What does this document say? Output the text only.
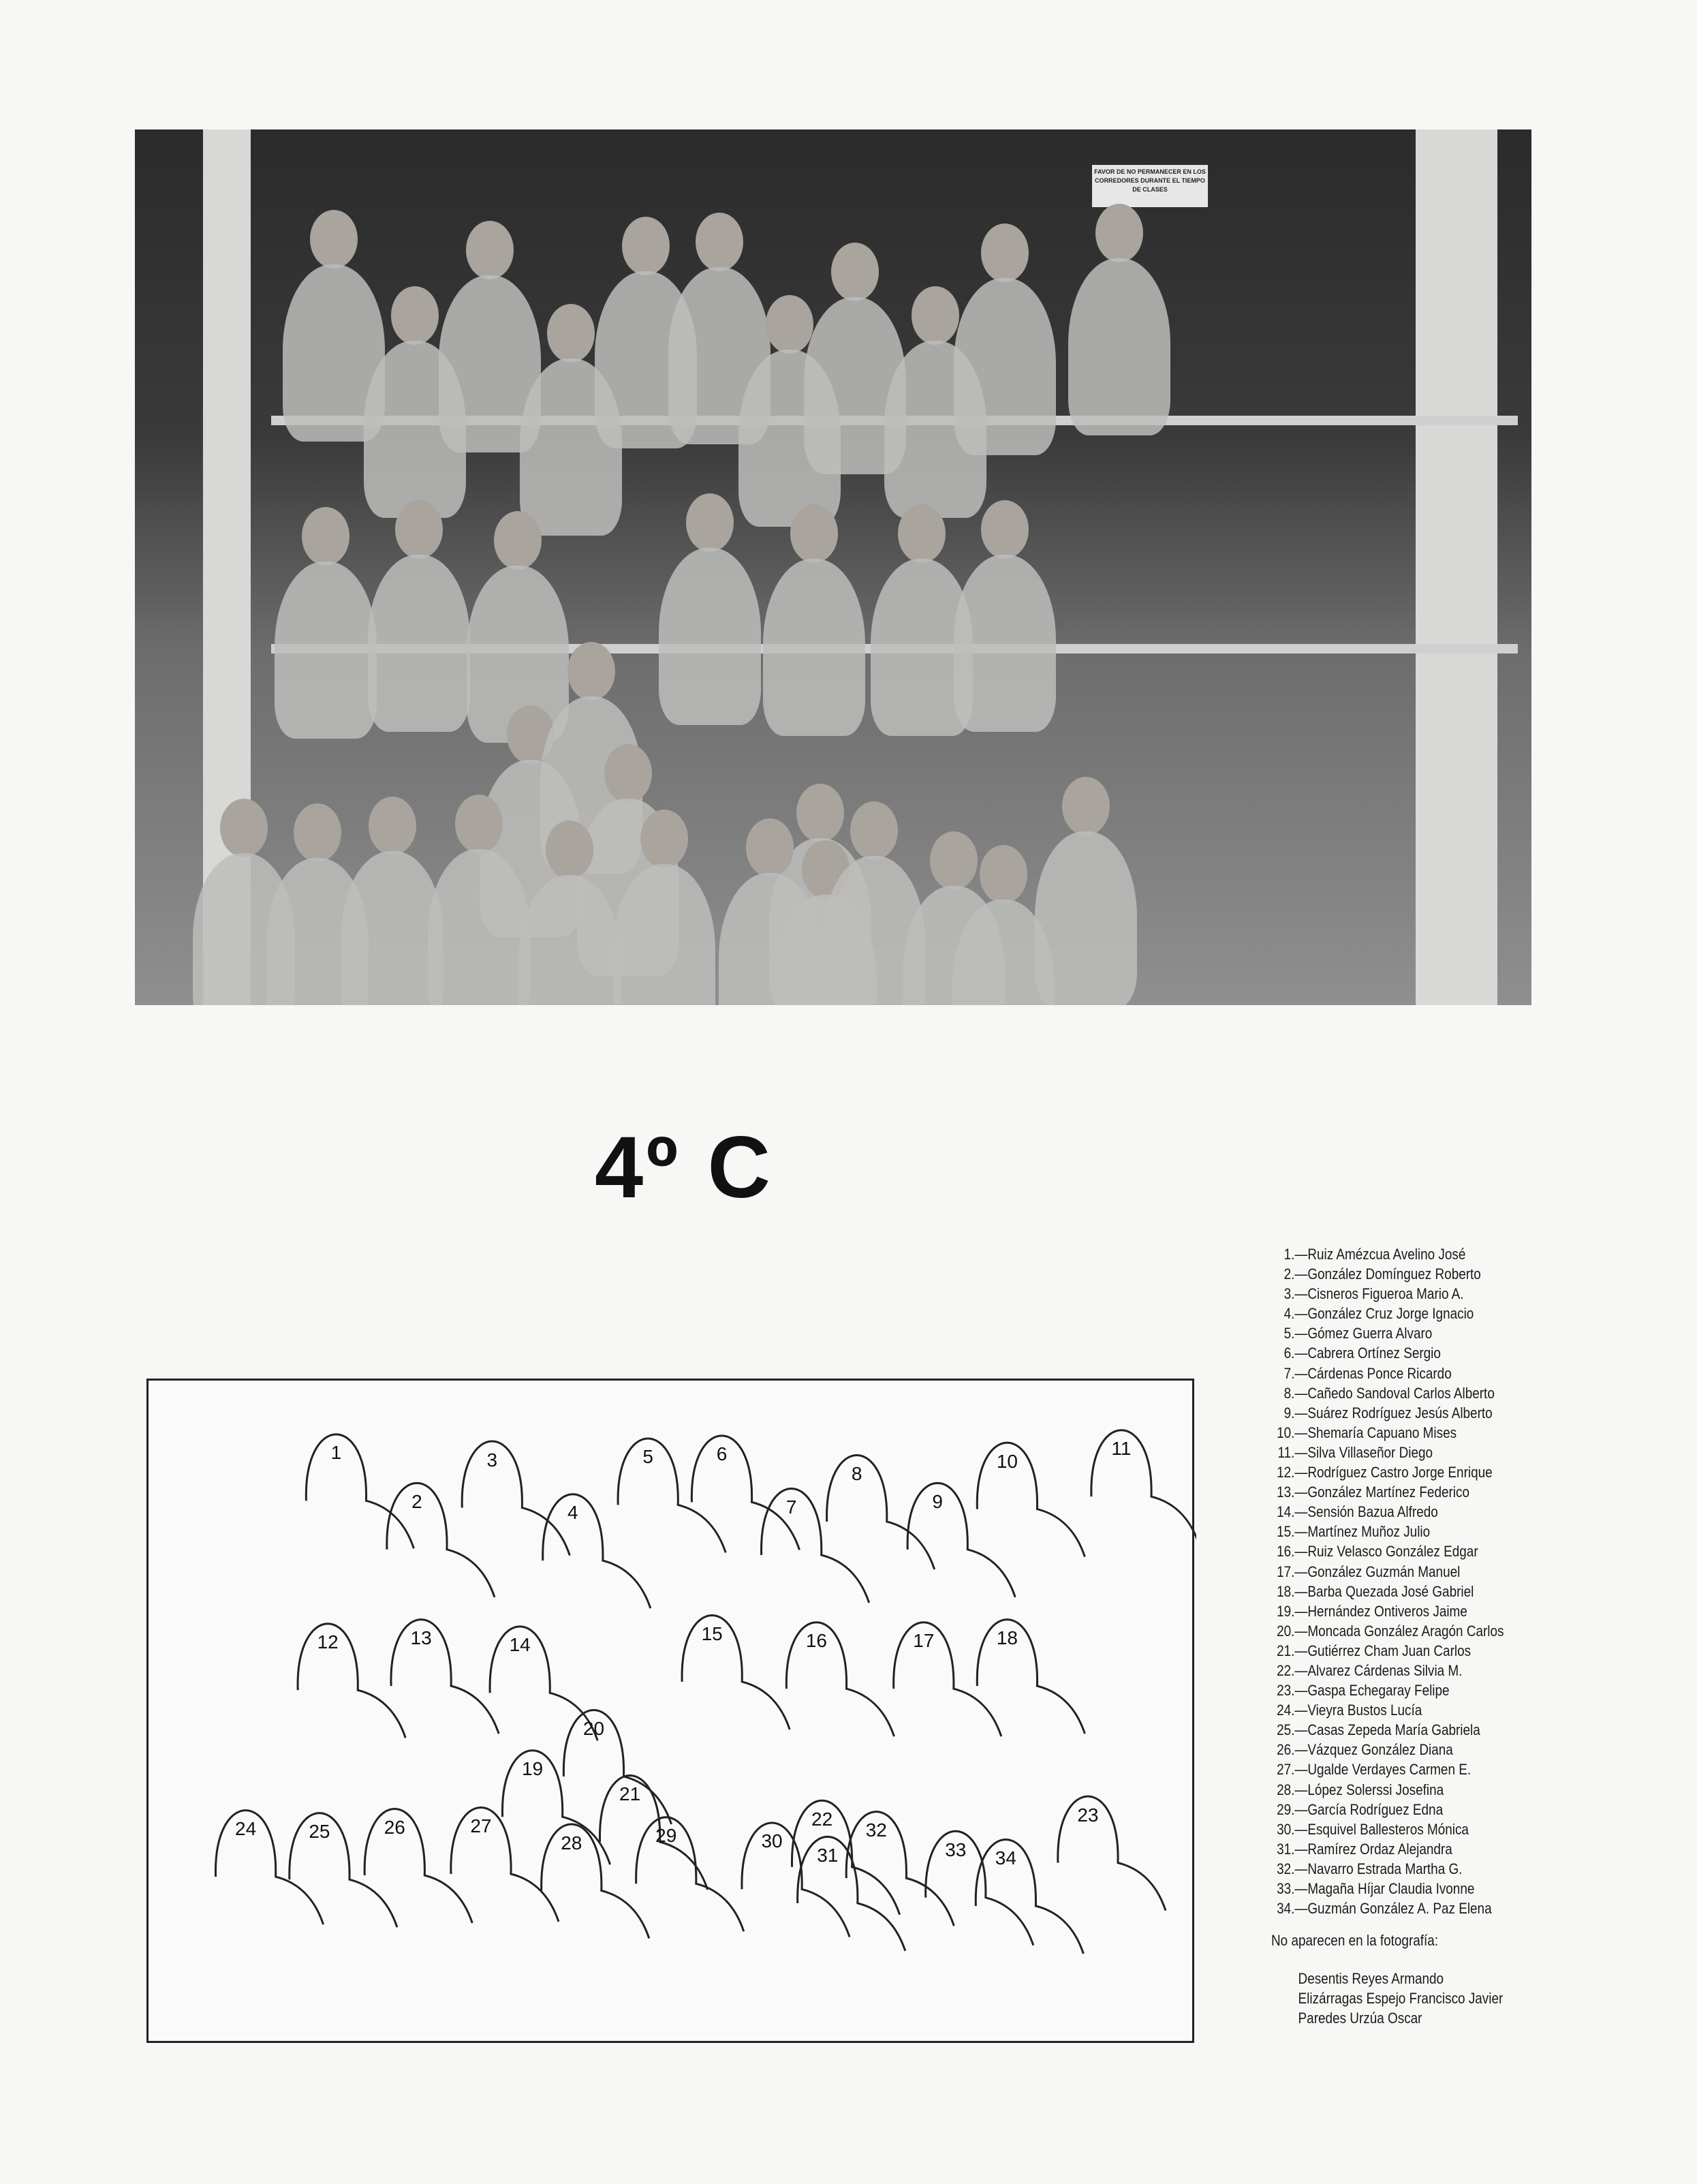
FAVOR DE NO PERMANECER EN LOS CORREDORES DURANTE EL TIEMPO DE CLASES
4º C
1
2
3
4
5	6
7
8
9
10
11
12	13	14
15	16	17	18
19
20
21
22	23
24	25	26	27
28	29	30
31
32
33 34
1.—Ruiz Amézcua Avelino José
2.—González Domínguez Roberto
3.—Cisneros Figueroa Mario A.
4.—González Cruz Jorge Ignacio
5.—Gómez Guerra Alvaro
6.—Cabrera Ortínez Sergio
7.—Cárdenas Ponce Ricardo
8.—Cañedo Sandoval Carlos Alberto
9.—Suárez Rodríguez Jesús Alberto
10.—Shemaría Capuano Mises
11.—Silva Villaseñor Diego
12.—Rodríguez Castro Jorge Enrique
13.—González Martínez Federico
14.—Sensión Bazua Alfredo
15.—Martínez Muñoz Julio
16.—Ruiz Velasco González Edgar
17.—González Guzmán Manuel
18.—Barba Quezada José Gabriel
19.—Hernández Ontiveros Jaime
20.—Moncada González Aragón Carlos
21.—Gutiérrez Cham Juan Carlos
22.—Alvarez Cárdenas Silvia M.
23.—Gaspa Echegaray Felipe
24.—Vieyra Bustos Lucía
25.—Casas Zepeda María Gabriela
26.—Vázquez González Diana
27.—Ugalde Verdayes Carmen E.
28.—López Solerssi Josefina
29.—García Rodríguez Edna
30.—Esquivel Ballesteros Mónica
31.—Ramírez Ordaz Alejandra
32.—Navarro Estrada Martha G.
33.—Magaña Híjar Claudia Ivonne
34.—Guzmán González A. Paz Elena
No aparecen en la fotografía:
Desentis Reyes Armando
Elizárragas Espejo Francisco Javier
Paredes Urzúa Oscar
